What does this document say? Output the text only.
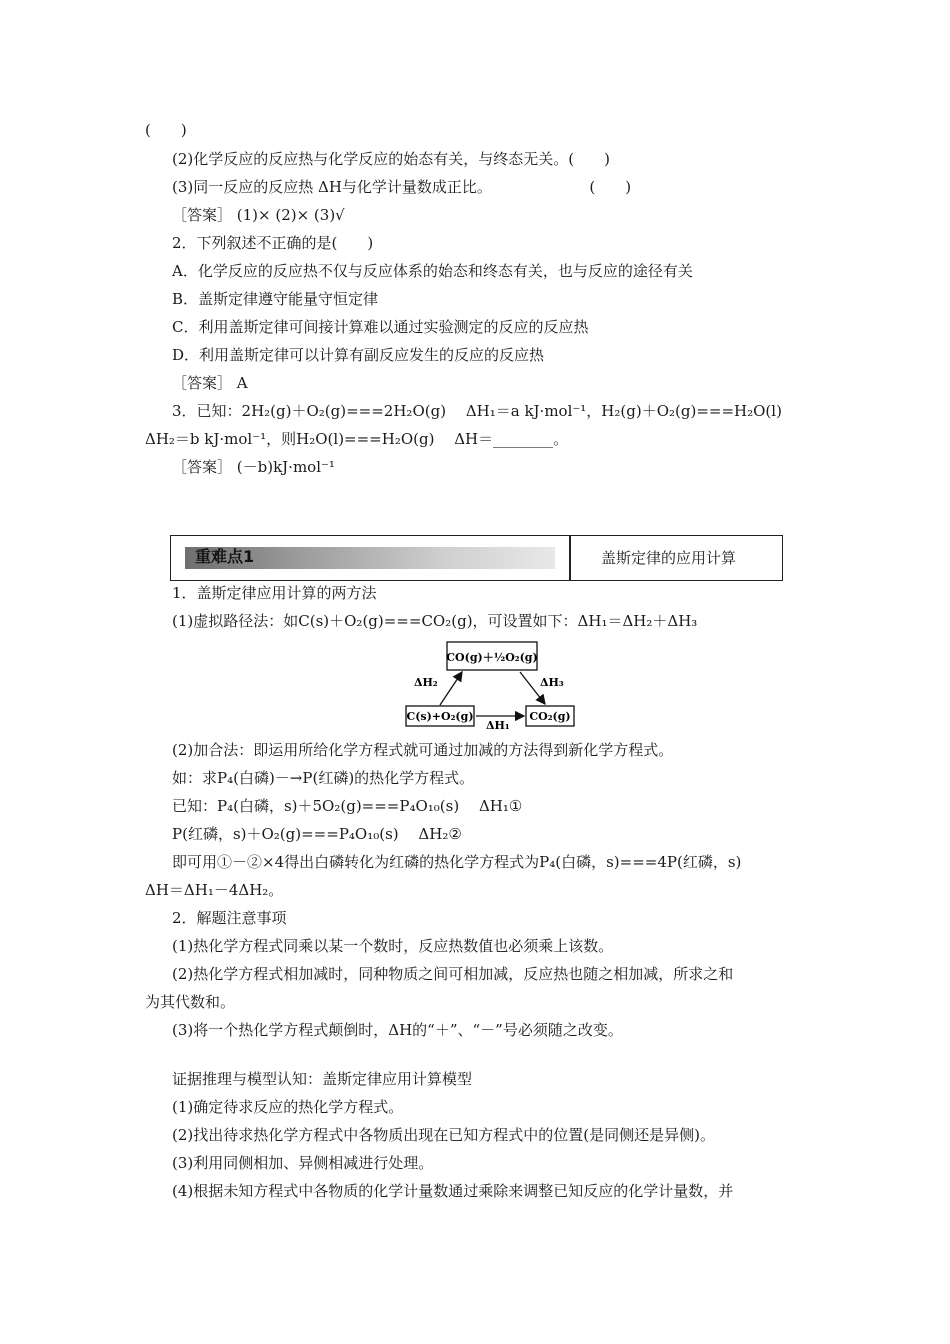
(　　)
(2)化学反应的反应热与化学反应的始态有关，与终态无关。(　　)
(3)同一反应的反应热 ΔH与化学计量数成正比。　　　　　　　(　　)
［答案］ (1)× (2)× (3)√
2．下列叙述不正确的是(　　)
A．化学反应的反应热不仅与反应体系的始态和终态有关，也与反应的途径有关
B．盖斯定律遵守能量守恒定律
C．利用盖斯定律可间接计算难以通过实验测定的反应的反应热
D．利用盖斯定律可以计算有副反应发生的反应的反应热
［答案］ A
3．已知：2H₂(g)＋O₂(g)===2H₂O(g)　 ΔH₁＝a kJ·mol⁻¹，H₂(g)＋O₂(g)===H₂O(l)
ΔH₂＝b kJ·mol⁻¹，则H₂O(l)===H₂O(g)　 ΔH＝________。
［答案］ (－b)kJ·mol⁻¹
重难点1	盖斯定律的应用计算
1．盖斯定律应用计算的两方法
(1)虚拟路径法：如C(s)＋O₂(g)===CO₂(g)，可设置如下：ΔH₁＝ΔH₂＋ΔH₃
CO(g)＋½O₂(g)
C(s)+O₂(g)	CO₂(g)
ΔH₂	ΔH₃
ΔH₁
(2)加合法：即运用所给化学方程式就可通过加减的方法得到新化学方程式。
如：求P₄(白磷)－→P(红磷)的热化学方程式。
已知：P₄(白磷，s)＋5O₂(g)===P₄O₁₀(s)　 ΔH₁①
P(红磷，s)＋O₂(g)===P₄O₁₀(s)　 ΔH₂②
即可用①－②×4得出白磷转化为红磷的热化学方程式为P₄(白磷，s)===4P(红磷，s)
ΔH＝ΔH₁－4ΔH₂。
2．解题注意事项
(1)热化学方程式同乘以某一个数时，反应热数值也必须乘上该数。
(2)热化学方程式相加减时，同种物质之间可相加减，反应热也随之相加减，所求之和
为其代数和。
(3)将一个热化学方程式颠倒时，ΔH的“＋”、“－”号必须随之改变。
证据推理与模型认知：盖斯定律应用计算模型
(1)确定待求反应的热化学方程式。
(2)找出待求热化学方程式中各物质出现在已知方程式中的位置(是同侧还是异侧)。
(3)利用同侧相加、异侧相减进行处理。
(4)根据未知方程式中各物质的化学计量数通过乘除来调整已知反应的化学计量数，并
